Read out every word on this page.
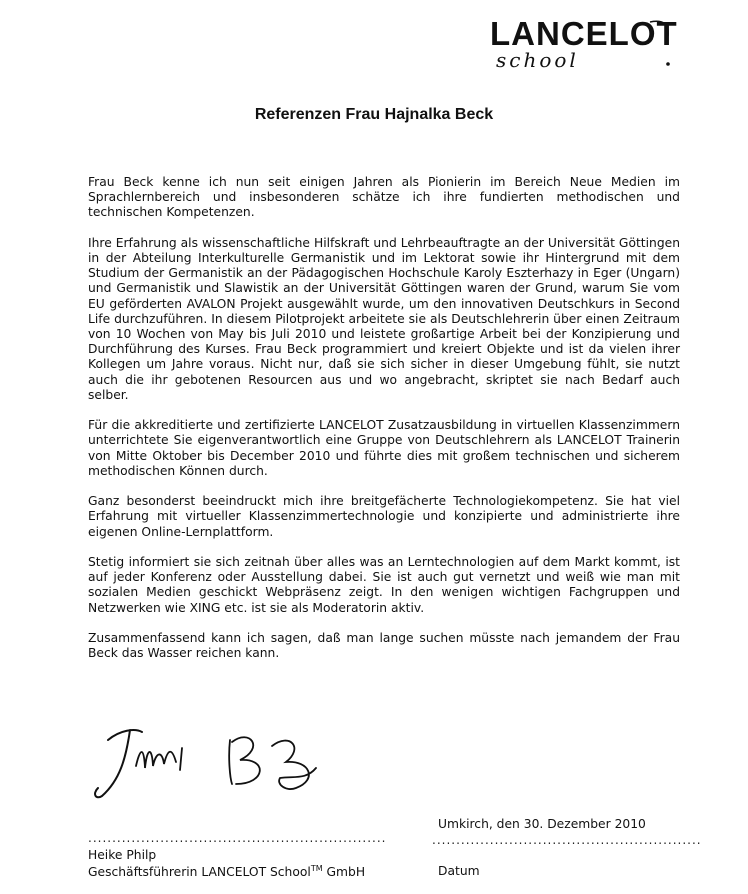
LANCELOT
school
Referenzen Frau Hajnalka Beck

Frau Beck kenne ich nun seit einigen Jahren als Pionierin im Bereich Neue Medien im Sprachlernbereich und insbesonderen schätze ich ihre fundierten methodischen und technischen Kompetenzen.

Ihre Erfahrung als wissenschaftliche Hilfskraft und Lehrbeauftragte an der Universität Göttingen in der Abteilung Interkulturelle Germanistik und im Lektorat sowie ihr Hintergrund mit dem Studium der Germanistik an der Pädagogischen Hochschule Karoly Eszterhazy in Eger (Ungarn) und Germanistik und Slawistik an der Universität Göttingen waren der Grund, warum Sie vom EU geförderten AVALON Projekt ausgewählt wurde, um den innovativen Deutschkurs in Second Life durchzuführen. In diesem Pilotprojekt arbeitete sie als Deutschlehrerin über einen Zeitraum von 10 Wochen von May bis Juli 2010 und leistete großartige Arbeit bei der Konzipierung und Durchführung des Kurses. Frau Beck programmiert und kreiert Objekte und ist da vielen ihrer Kollegen um Jahre voraus. Nicht nur, daß sie sich sicher in dieser Umgebung fühlt, sie nutzt auch die ihr gebotenen Resourcen aus und wo angebracht, skriptet sie nach Bedarf auch selber.

Für die akkreditierte und zertifizierte LANCELOT Zusatzausbildung in virtuellen Klassenzimmern unterrichtete Sie eigenverantwortlich eine Gruppe von Deutschlehrern als LANCELOT Trainerin von Mitte Oktober bis December 2010 und führte dies mit großem technischen und sicherem methodischen Können durch.

Ganz besonderst beeindruckt mich ihre breitgefächerte Technologiekompetenz. Sie hat viel Erfahrung mit virtueller Klassenzimmertechnologie und konzipierte und administrierte ihre eigenen Online-Lernplattform.

Stetig informiert sie sich zeitnah über alles was an Lerntechnologien auf dem Markt kommt, ist auf jeder Konferenz oder Ausstellung dabei. Sie ist auch gut vernetzt und weiß wie man mit sozialen Medien geschickt Webpräsenz zeigt. In den wenigen wichtigen Fachgruppen und Netzwerken wie XING etc. ist sie als Moderatorin aktiv.

Zusammenfassend kann ich sagen, daß man lange suchen müsste nach jemandem der Frau Beck das Wasser reichen kann.

Umkirch, den 30. Dezember 2010
..............................................................	........................................................
Heike Philp
Geschäftsführerin LANCELOT School™ GmbH	Datum
